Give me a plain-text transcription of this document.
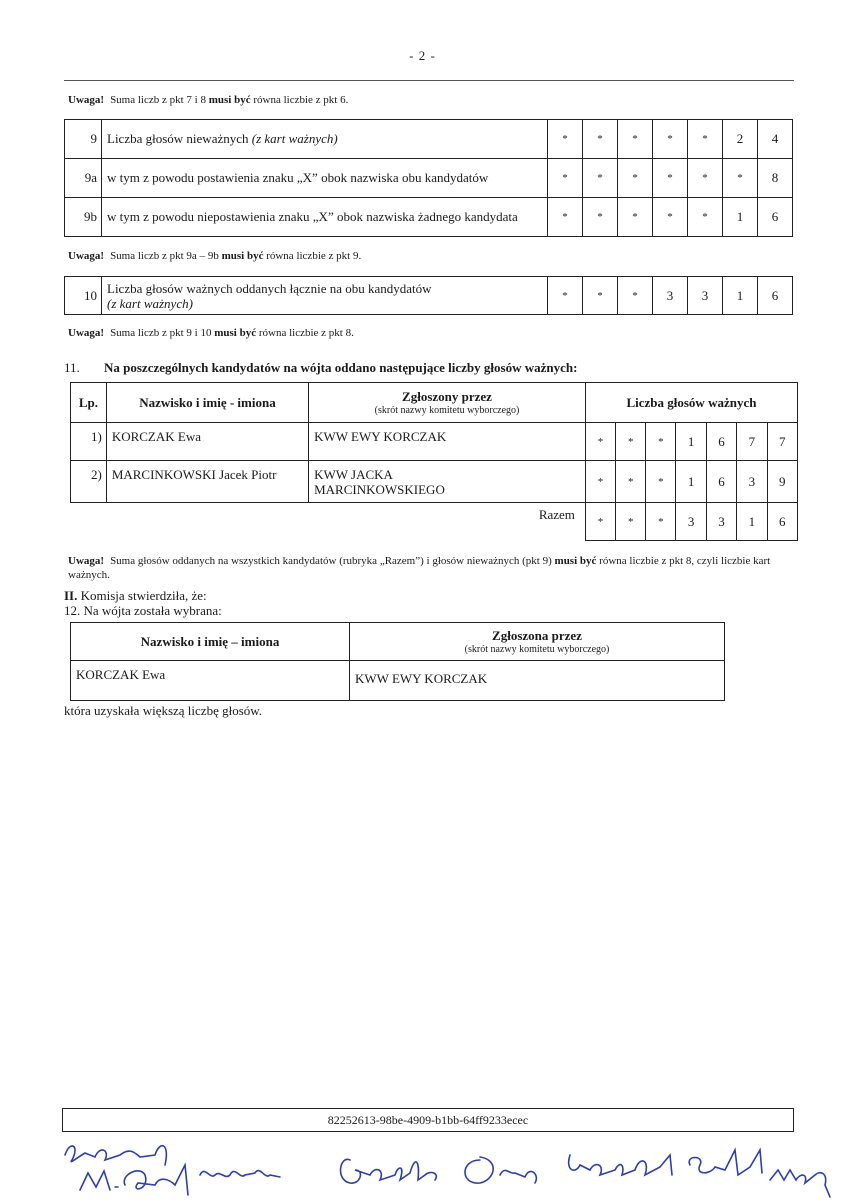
- 2 -
Uwaga! Suma liczb z pkt 7 i 8 musi być równa liczbie z pkt 6.
9	Liczba głosów nieważnych (z kart ważnych)	*	*	*	*	*	2	4
9a	w tym z powodu postawienia znaku „X” obok nazwiska obu kandydatów	*	*	*	*	*	*	8
9b	w tym z powodu niepostawienia znaku „X” obok nazwiska żadnego kandydata	*	*	*	*	*	1	6
Uwaga! Suma liczb z pkt 9a – 9b musi być równa liczbie z pkt 9.
10	Liczba głosów ważnych oddanych łącznie na obu kandydatów
(z kart ważnych)	*	*	*	3	3	1	6
Uwaga! Suma liczb z pkt 9 i 10 musi być równa liczbie z pkt 8.
11. Na poszczególnych kandydatów na wójta oddano następujące liczby głosów ważnych:
Lp.	Nazwisko i imię - imiona	Zgłoszony przez
(skrót nazwy komitetu wyborczego)	Liczba głosów ważnych						
1)	KORCZAK Ewa	KWW EWY KORCZAK	*	*	*	1	6	7	7
2)	MARCINKOWSKI Jacek Piotr	KWW JACKA MARCINKOWSKIEGO	*	*	*	1	6	3	9
Razem			*	*	*	3	3	1	6
Uwaga! Suma głosów oddanych na wszystkich kandydatów (rubryka „Razem”) i głosów nieważnych (pkt 9) musi być równa liczbie z pkt 8, czyli liczbie kart ważnych.
II. Komisja stwierdziła, że:
12. Na wójta została wybrana:
Nazwisko i imię – imiona	Zgłoszona przez
(skrót nazwy komitetu wyborczego)

KORCZAK Ewa	KWW EWY KORCZAK
która uzyskała większą liczbę głosów.
82252613-98be-4909-b1bb-64ff9233ecec
